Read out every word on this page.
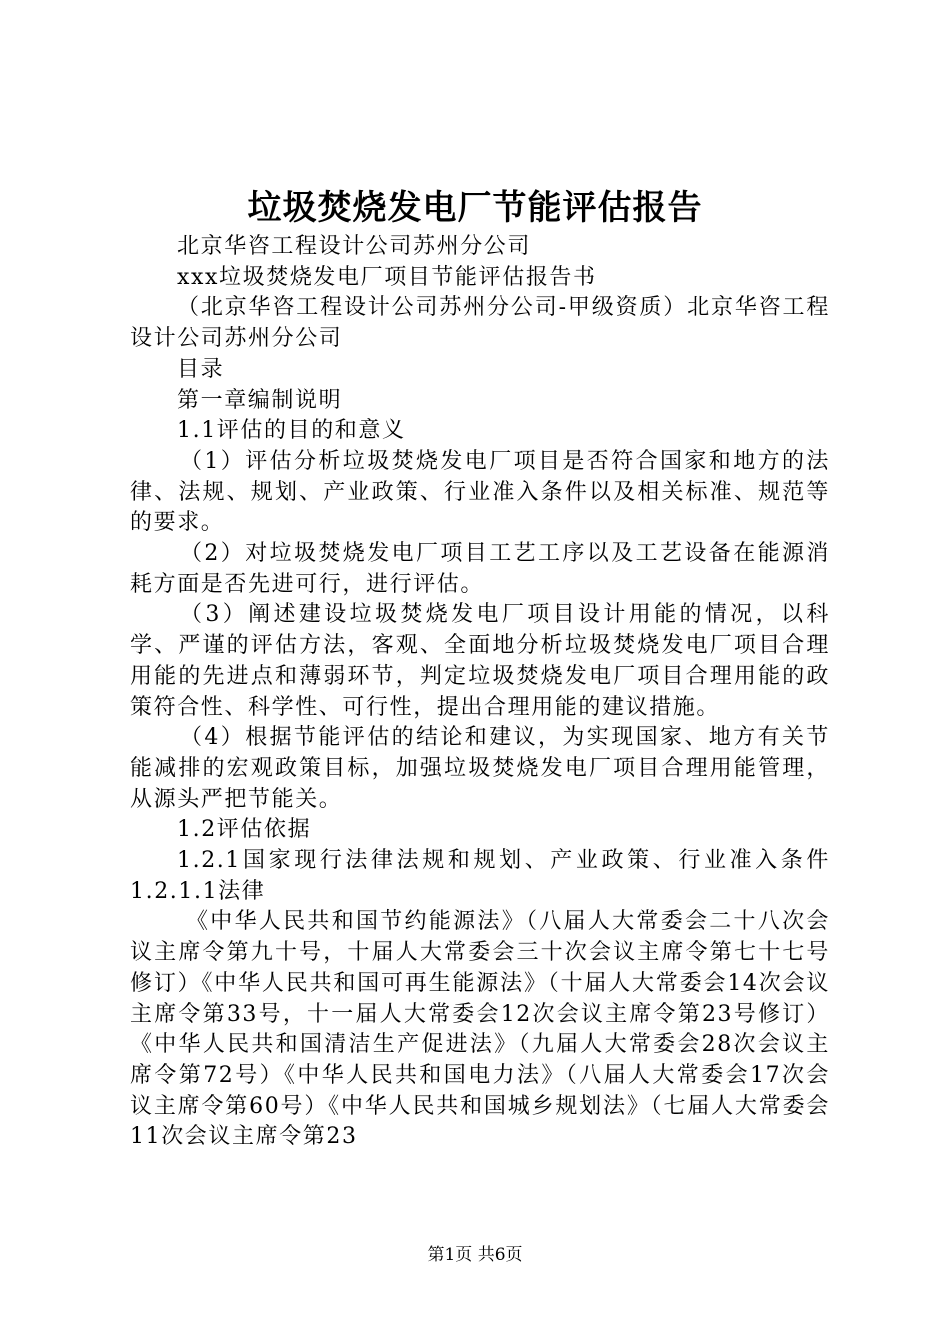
垃圾焚烧发电厂节能评估报告

北京华咨工程设计公司苏州分公司

xxx垃圾焚烧发电厂项目节能评估报告书

（北京华咨工程设计公司苏州分公司-甲级资质）北京华咨工程设计公司苏州分公司

目录

第一章编制说明

1.1评估的目的和意义

（1）评估分析垃圾焚烧发电厂项目是否符合国家和地方的法律、法规、规划、产业政策、行业准入条件以及相关标准、规范等的要求。

（2）对垃圾焚烧发电厂项目工艺工序以及工艺设备在能源消耗方面是否先进可行，进行评估。

（3）阐述建设垃圾焚烧发电厂项目设计用能的情况，以科学、严谨的评估方法，客观、全面地分析垃圾焚烧发电厂项目合理用能的先进点和薄弱环节，判定垃圾焚烧发电厂项目合理用能的政策符合性、科学性、可行性，提出合理用能的建议措施。

（4）根据节能评估的结论和建议，为实现国家、地方有关节能减排的宏观政策目标，加强垃圾焚烧发电厂项目合理用能管理，从源头严把节能关。

1.2评估依据

1.2.1国家现行法律法规和规划、产业政策、行业准入条件1.2.1.1法律

《中华人民共和国节约能源法》（八届人大常委会二十八次会议主席令第九十号，十届人大常委会三十次会议主席令第七十七号修订）《中华人民共和国可再生能源法》（十届人大常委会14次会议主席令第33号，十一届人大常委会12次会议主席令第23号修订）《中华人民共和国清洁生产促进法》（九届人大常委会28次会议主席令第72号）《中华人民共和国电力法》（八届人大常委会17次会议主席令第60号）《中华人民共和国城乡规划法》（七届人大常委会11次会议主席令第23

第1页 共6页
